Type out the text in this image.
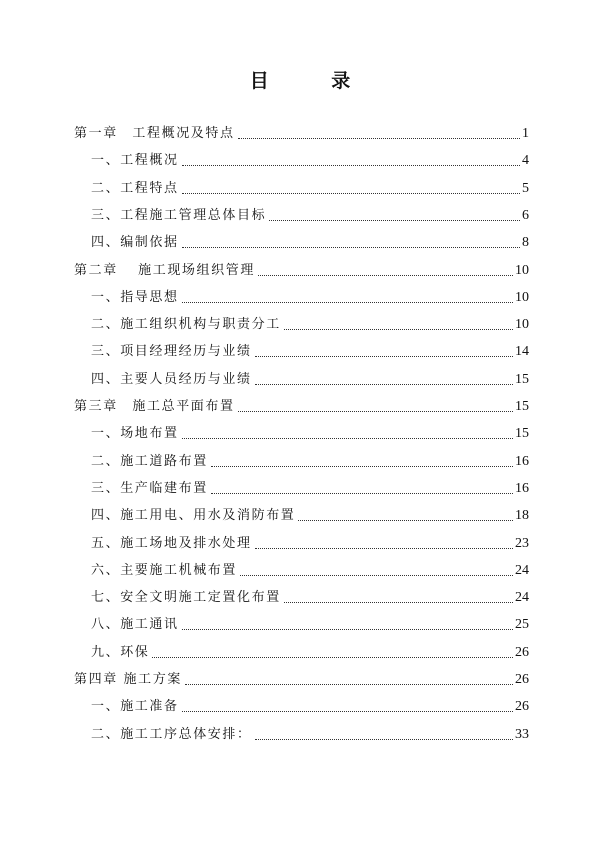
目 录
第一章　工程概况及特点	1
一、工程概况	4
二、工程特点	5
三、工程施工管理总体目标	6
四、编制依据	8
第二章　 施工现场组织管理	10
一、指导思想	10
二、施工组织机构与职责分工	10
三、项目经理经历与业绩	14
四、主要人员经历与业绩	15
第三章　施工总平面布置	15
一、场地布置	15
二、施工道路布置	16
三、生产临建布置	16
四、施工用电、用水及消防布置	18
五、施工场地及排水处理	23
六、主要施工机械布置	24
七、安全文明施工定置化布置	24
八、施工通讯	25
九、环保	26
第四章 施工方案	26
一、施工准备	26
二、施工工序总体安排：	33
